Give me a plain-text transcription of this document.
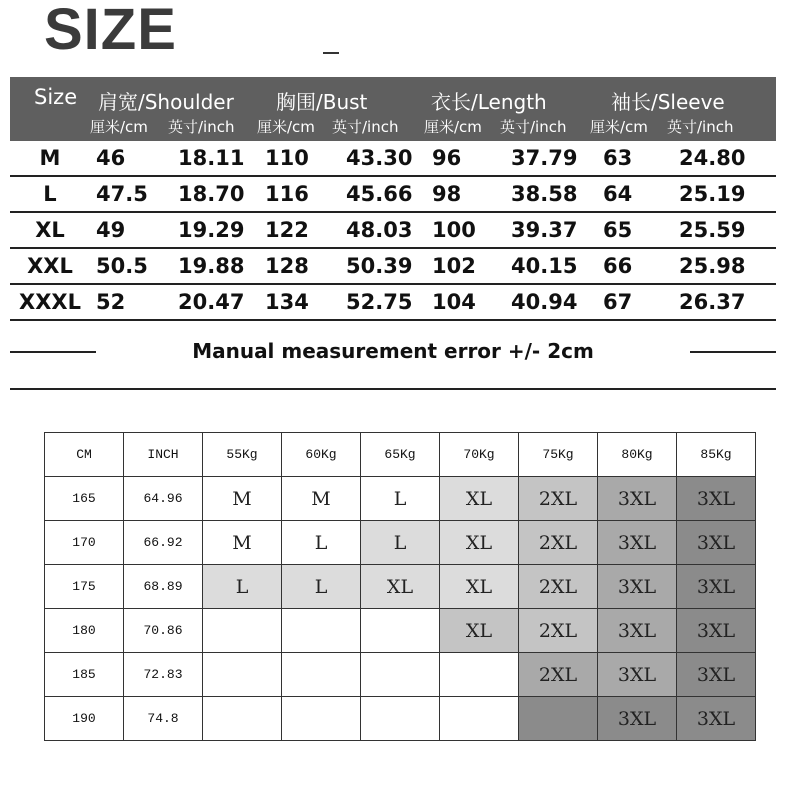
SIZE
Size 肩宽/Shoulder 胸围/Bust	衣长/Length	袖长/Sleeve
厘米/cm 英寸/inch 厘米/cm 英寸/inch 厘米/cm 英寸/inch 厘米/cm 英寸/inch
M	46	18.11 110 43.30 96 37.79 63 24.80
L	47.5 18.70 116 45.66 98 38.58 64 25.19
XL	49	19.29 122 48.03 100 39.37 65 25.59
XXL	50.5 19.88 128 50.39 102 40.15 66 25.98
XXXL 52	20.47 134 52.75 104 40.94 67 26.37
Manual measurement error +/- 2cm
CM	INCH	55Kg	60Kg	65Kg	70Kg	75Kg	80Kg	85Kg
165	64.96	M	M	L	XL	2XL	3XL	3XL
170	66.92	M	L	L	XL	2XL	3XL	3XL
175	68.89	L	L	XL	XL	2XL	3XL	3XL
180	70.86				XL	2XL	3XL	3XL
185	72.83					2XL	3XL	3XL
190	74.8						3XL	3XL
